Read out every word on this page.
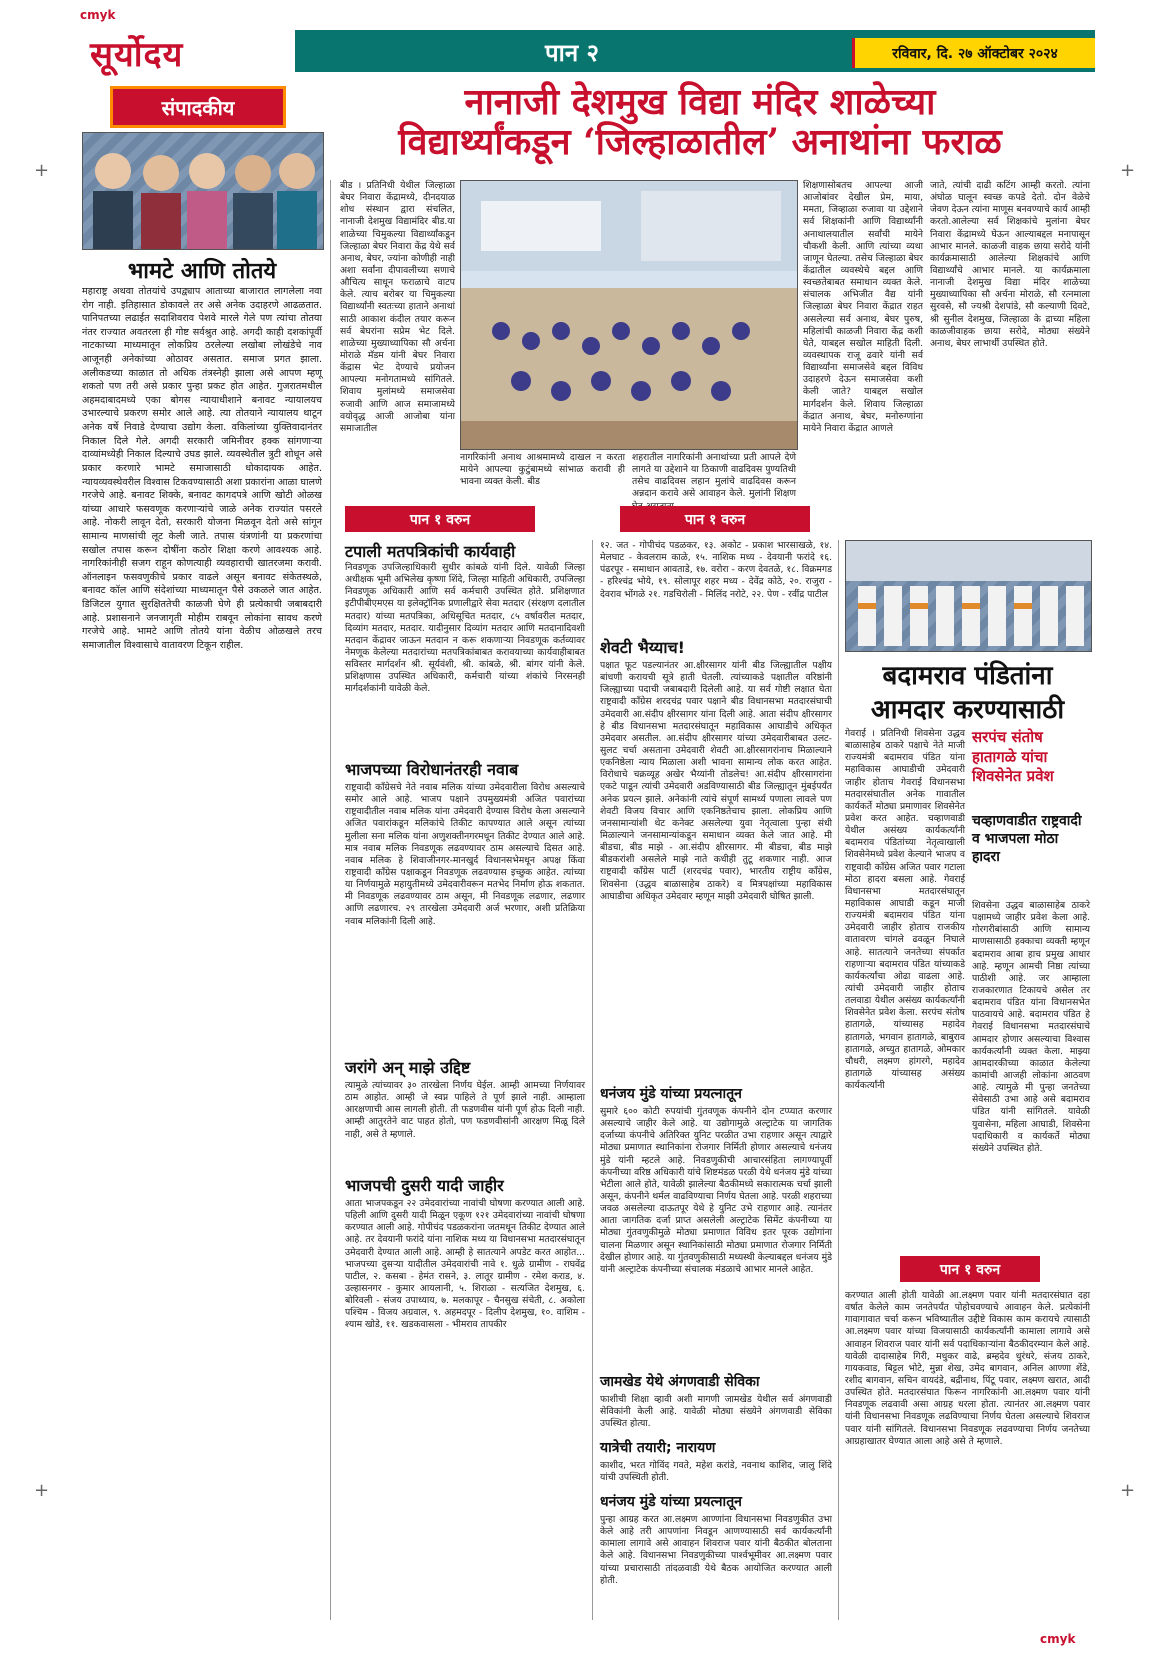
cmyk
cmyk
+
+
+
+
सूर्योदय	पान २	रविवार, दि. २७ ऑक्टोबर २०२४
संपादकीय	नानाजी देशमुख विद्या मंदिर शाळेच्या
विद्यार्थ्यांकडून ‘जिल्हाळातील’ अनाथांना फराळ
भामटे आणि तोतये
महाराष्ट्र अथवा तोतयांचे उपद्व्याप आताच्या बाजारात लागलेला नवा रोग नाही. इतिहासात डोकावले तर असे अनेक उदाहरणे आढळतात. पानिपतच्या लढाईत सदाशिवराव पेशवे मारले गेले पण त्यांचा तोतया नंतर राज्यात अवतरला ही गोष्ट सर्वश्रुत आहे. अगदी काही दशकांपूर्वी नाटकाच्या माध्यमातून लोकप्रिय ठरलेल्या लखोबा लोखंडेचे नाव आजूनही अनेकांच्या ओठावर असतात. समाज प्रगत झाला. अलीकडच्या काळात तो अधिक तंत्रस्नेही झाला असे आपण म्हणू शकतो पण तरी असे प्रकार पुन्हा प्रकट होत आहेत. गुजरातमधील अहमदाबादमध्ये एका बोगस न्यायाधीशाने बनावट न्यायालयच उभारल्याचे प्रकरण समोर आले आहे. त्या तोतयाने न्यायालय थाटून अनेक वर्षे निवाडे देण्याचा उद्योग केला. वकिलांच्या युक्तिवादानंतर निकाल दिले गेले. अगदी सरकारी जमिनीवर हक्क सांगणाऱ्या दाव्यांमध्येही निकाल दिल्याचे उघड झाले. व्यवस्थेतील त्रुटी शोधून असे प्रकार करणारे भामटे समाजासाठी धोकादायक आहेत. न्यायव्यवस्थेवरील विश्वास टिकवण्यासाठी अशा प्रकारांना आळा घालणे गरजेचे आहे. बनावट शिक्के, बनावट कागदपत्रे आणि खोटी ओळख यांच्या आधारे फसवणूक करणाऱ्यांचे जाळे अनेक राज्यांत पसरले आहे. नोकरी लावून देतो, सरकारी योजना मिळवून देतो असे सांगून सामान्य माणसांची लूट केली जाते. तपास यंत्रणांनी या प्रकरणांचा सखोल तपास करून दोषींना कठोर शिक्षा करणे आवश्यक आहे. नागरिकांनीही सजग राहून कोणत्याही व्यवहाराची खातरजमा करावी. ऑनलाइन फसवणुकीचे प्रकार वाढले असून बनावट संकेतस्थळे, बनावट कॉल आणि संदेशांच्या माध्यमातून पैसे उकळले जात आहेत. डिजिटल युगात सुरक्षिततेची काळजी घेणे ही प्रत्येकाची जबाबदारी आहे. प्रशासनाने जनजागृती मोहीम राबवून लोकांना सावध करणे गरजेचे आहे. भामटे आणि तोतये यांना वेळीच ओळखले तरच समाजातील विश्वासाचे वातावरण टिकून राहील.
बीड । प्रतिनिधी येथील जिल्हाळा बेघर निवारा केंद्रामध्ये, दीनदयाळ शोध संस्थान द्वारा संचलित, नानाजी देशमुख विद्यामंदिर बीड.या शाळेच्या चिमुकल्या विद्यार्थ्यांकडून जिल्हाळा बेघर निवारा केंद्र येथे सर्व अनाथ, बेघर, ज्यांना कोणीही नाही अशा सर्वांना दीपावलीच्या सणाचे औचित्य साधून फराळाचे वाटप केले. त्याच बरोबर या चिमुकल्या विद्यार्थ्यांनी स्वतःच्या हाताने अनाथां साठी आकाश कंदील तयार करून सर्व बेघरांना सप्रेम भेट दिले. शाळेच्या मुख्याध्यापिका सौ अर्चना मोराळे मॅडम यांनी बेघर निवारा केंद्रास भेट देण्याचे प्रयोजन आपल्या मनोगतामध्ये सांगितले. शिवाय मुलांमध्ये समाजसेवा रुजावी आणि आज समाजामध्ये वयोवृद्ध आजी आजोबा यांना समाजातील
नागरिकांनी अनाथ आश्रमामध्ये दाखल न करता मायेने आपल्या कुटुंबामध्ये सांभाळ करावी ही भावना व्यक्त केली. बीड
शहरातील नागरिकांनी अनाथांच्या प्रती आपले देणे लागते या उद्देशाने या ठिकाणी वाढदिवस पुण्यतिथी तसेच वाढदिवस लहान मुलांचे वाढदिवस करून अन्नदान करावे असे आवाहन केले. मुलांनी शिक्षण
शिक्षणासोबतच आपल्या आजी आजोबांवर देखील प्रेम, माया, ममता, जिव्हाळा रुजावा या उद्देशाने सर्व शिक्षकांनी आणि विद्यार्थ्यांनी अनाथालयातील सर्वांची मायेने चौकशी केली. आणि त्यांच्या व्यथा जाणून घेतल्या. तसेच जिल्हाळा बेघर केंद्रातील व्यवस्थेचे बद्दल आणि स्वच्छतेबाबत समाधान व्यक्त केले. संचालक अभिजीत वैद्य यांनी जिल्हाळा बेघर निवारा केंद्रात राहत असलेल्या सर्व अनाथ, बेघर पुरुष, महिलांची काळजी निवारा केंद्र कशी घेते, याबद्दल सखोल माहिती दिली. व्यवस्थापक राजू ढवारे यांनी सर्व विद्यार्थ्यांना समाजसेवे बद्दल विविध उदाहरणे देऊन समाजसेवा कशी केली जाते? याबद्दल सखोल मार्गदर्शन केले. शिवाय जिल्हाळा केंद्रात अनाथ, बेघर, मनोरुग्णांना मायेने निवारा केंद्रात आणले
जाते, त्यांची दाढी कटिंग आम्ही करतो. त्यांना अंघोळ घालून स्वच्छ कपडे देतो. दोन वेळेचे जेवण देऊन त्यांना माणूस बनवण्याचे कार्य आम्ही करतो.आलेल्या सर्व शिक्षकांचे मुलांना बेघर निवारा केंद्रामध्ये घेऊन आल्याबद्दल मनापासून आभार मानले. काळजी वाहक छाया सरोदे यांनी कार्यक्रमासाठी आलेल्या शिक्षकांचे आणि विद्यार्थ्यांचे आभार मानले. या कार्यक्रमाला नानाजी देशमुख विद्या मंदिर शाळेच्या मुख्याध्यापिका सौ अर्चना मोराळे, सौ रत्नमाला सुरवसे, सौ ज्यश्री देशपांडे, सौ कल्याणी दिवटे, श्री सुनील देशमुख, जिल्हाळा के द्राच्या महिला काळजीवाहक छाया सरोदे, मोठ्या संख्येने अनाथ, बेघर लाभार्थी उपस्थित होते.
पान १ वरुन
टपाली मतपत्रिकांची कार्यवाही
निवडणूक उपजिल्हाधिकारी सुधीर कांबळे यांनी दिले. यावेळी जिल्हा अधीक्षक भूमी अभिलेख कृष्णा शिंदे, जिल्हा माहिती अधिकारी, उपजिल्हा निवडणूक अधिकारी आणि सर्व कर्मचारी उपस्थित होते. प्रशिक्षणात इटीपीबीएमएस या इलेक्ट्रॉनिक प्रणालीद्वारे सेवा मतदार (संरक्षण दलातील मतदार) यांच्या मतपत्रिका, अधिसूचित मतदार, ८५ वर्षावरील मतदार, दिव्यांग मतदार, मतदार. यादीनुसार दिव्यांग मतदार आणि मतदानादिवशी मतदान केंद्रावर जाऊन मतदान न करू शकणाऱ्या निवडणूक कर्तव्यावर नेमणूक केलेल्या मतदारांच्या मतपत्रिकांबाबत करावयाच्या कार्यवाहीबाबत सविस्तर मार्गदर्शन श्री. सूर्यवंशी, श्री. कांबळे, श्री. बांगर यांनी केले. प्रशिक्षणास उपस्थित अधिकारी, कर्मचारी यांच्या शंकांचे निरसनही मार्गदर्शकांनी यावेळी केले.
भाजपच्या विरोधानंतरही नवाब
राष्ट्रवादी काँग्रेसचे नेते नवाब मलिक यांच्या उमेदवारीला विरोध असल्याचे समोर आले आहे. भाजप पक्षाने उपमुख्यमंत्री अजित पवारांच्या राष्ट्रवादीतील नवाब मलिक यांना उमेदवारी देण्यास विरोध केला असल्याने अजित पवारांकडून मलिकांचे तिकीट कापण्यात आले असून त्यांच्या मुलीला सना मलिक यांना अणुशक्तीनगरमधून तिकीट देण्यात आले आहे. मात्र नवाब मलिक निवडणूक लढवण्यावर ठाम असल्याचे दिसत आहे. नवाब मलिक हे शिवाजीनगर-मानखुर्द विधानसभेमधून अपक्ष किंवा राष्ट्रवादी काँग्रेस पक्षाकडून निवडणूक लढवण्यास इच्छुक आहेत. त्यांच्या या निर्णयामुळे महायुतीमध्ये उमेदवारीवरून मतभेद निर्माण होऊ शकतात. मी निवडणूक लढवण्यावर ठाम असून, मी निवडणूक लढणार, लढणार आणि लढणारच. २९ तारखेला उमेदवारी अर्ज भरणार, अशी प्रतिक्रिया नवाब मलिकांनी दिली आहे.
जरांगे अन् माझे उद्दिष्ट
त्यामुळे त्यांच्यावर ३० तारखेला निर्णय घेईल. आम्ही आमच्या निर्णयावर ठाम आहोत. आम्ही जे स्वप्न पाहिले ते पूर्ण झाले नाही. आम्हाला आरक्षणाची आस लागली होती. ती फडणवीस यांनी पूर्ण होऊ दिली नाही. आम्ही आतुरतेने वाट पाहत होतो, पण फडणवीसांनी आरक्षण मिळू दिले नाही, असे ते म्हणाले.
भाजपची दुसरी यादी जाहीर
आता भाजपकडून २२ उमेदवारांच्या नावांची घोषणा करण्यात आली आहे. पहिली आणि दुसरी यादी मिळून एकूण १२१ उमेदवारांच्या नावांची घोषणा करण्यात आली आहे. गोपीचंद पडळकरांना जतमधून तिकीट देण्यात आले आहे. तर देवयानी फरांदे यांना नाशिक मध्य या विधानसभा मतदारसंघातून उमेदवारी देण्यात आली आहे. आम्ही हे सातत्याने अपडेट करत आहोत... भाजपच्या दुसऱ्या यादीतील उमेदवारांची नावे १. धुळे ग्रामीण - राघवेंद्र पाटील, २. कसबा - हेमंत रासने, ३. लातूर ग्रामीण - रमेश कराड, ४. उल्हासनगर - कुमार आयलानी, ५. शिराळा - सत्यजित देशमुख, ६. बोरिवली - संजय उपाध्याय, ७. मलकापूर - चैनसुख संचेती, ८. अकोला पश्चिम - विजय अग्रवाल, ९. अहमदपूर - दिलीप देशमुख, १०. वाशिम - श्याम खोडे, ११. खडकवासला - भीमराव तापकीर
पान १ वरुन
१२. जत - गोपीचंद पडळकर, १३. अकोट - प्रकाश भारसाखळे, १४. मेलघाट - केवलराम काळे, १५. नाशिक मध्य - देवयानी फरांदे १६. पंढरपूर - समाधान आवताडे, १७. वरोरा - करण देवतळे, १८. विक्रमगड - हरिश्चंद्र भोये, १९. सोलापूर शहर मध्य - देवेंद्र कोठे, २०. राजुरा - देवराव भोंगळे २१. गडचिरोली - मिलिंद नरोटे, २२. पेण - रवींद्र पाटील
शेवटी भैय्याच!
पक्षात फूट पडल्यानंतर आ.क्षीरसागर यांनी बीड जिल्ह्यातील पक्षीय बांधणी करायची सूत्रे हाती घेतली. त्यांच्याकडे पक्षातील वरिष्ठांनी जिल्ह्याच्या पदाची जबाबदारी दिलेली आहे. या सर्व गोष्टी लक्षात घेता राष्ट्रवादी काँग्रेस शरदचंद्र पवार पक्षाने बीड विधानसभा मतदारसंघाची उमेदवारी आ.संदीप क्षीरसागर यांना दिली आहे. आता संदीप क्षीरसागर हे बीड विधानसभा मतदारसंघातून महाविकास आघाडीचे अधिकृत उमेदवार असतील. आ.संदीप क्षीरसागर यांच्या उमेदवारीबाबत उलट-सुलट चर्चा असताना उमेदवारी शेवटी आ.क्षीरसागरांनाच मिळाल्याने एकनिष्ठेला न्याय मिळाला अशी भावना सामान्य लोक करत आहेत. विरोधाचे चक्रव्यूह अखेर भैय्यांनी तोडलेच! आ.संदीप क्षीरसागरांना एकटे पाडून त्यांची उमेदवारी अडविण्यासाठी बीड जिल्ह्यातून मुंबईपर्यंत अनेक प्रयत्न झाले. अनेकांनी त्यांचे संपूर्ण सामर्थ्य पणाला लावले पण शेवटी विजय विचार आणि एकनिष्ठतेचाच झाला. लोकप्रिय आणि जनसामान्यांशी थेट कनेक्ट असलेल्या युवा नेतृत्वाला पुन्हा संधी मिळाल्याने जनसामान्यांकडून समाधान व्यक्त केले जात आहे. मी बीडचा, बीड माझे - आ.संदीप क्षीरसागर. मी बीडचा, बीड माझे बीडकरांशी असलेले माझे नाते कधीही तुटू शकणार नाही. आज राष्ट्रवादी काँग्रेस पार्टी (शरदचंद्र पवार), भारतीय राष्ट्रीय काँग्रेस, शिवसेना (उद्धव बाळासाहेब ठाकरे) व मित्रपक्षांच्या महाविकास आघाडीचा अधिकृत उमेदवार म्हणून माझी उमेदवारी घोषित झाली.
धनंजय मुंडे यांच्या प्रयत्नातून
सुमारे ६०० कोटी रुपयांची गुंतवणूक कंपनीने दोन टप्प्यात करणार असल्याचे जाहीर केले आहे. या उद्योगामुळे अल्ट्राटेक या जागतिक दर्जाच्या कंपनीचे अतिरिक्त युनिट परळीत उभा राहणार असून त्याद्वारे मोठ्या प्रमाणात स्थानिकांना रोजगार निर्मिती होणार असल्याचे धनंजय मुंडे यांनी म्हटले आहे. निवडणुकीची आचारसंहिता लागण्यापूर्वी कंपनीच्या वरिष्ठ अधिकारी यांचे शिष्टमंडळ परळी येथे धनंजय मुंडे यांच्या भेटीला आले होते, यावेळी झालेल्या बैठकीमध्ये सकारात्मक चर्चा झाली असून, कंपनीने थर्मल वाढविण्याचा निर्णय घेतला आहे. परळी शहराच्या जवळ असलेल्या दाऊतपूर येथे हे युनिट उभे राहणार आहे. त्यानंतर आता जागतिक दर्जा प्राप्त असलेली अल्ट्राटेक सिमेंट कंपनीच्या या मोठ्या गुंतवणुकीमुळे मोठ्या प्रमाणात विविध इतर पूरक उद्योगांना चालना मिळणार असून स्थानिकांसाठी मोठ्या प्रमाणात रोजगार निर्मिती देखील होणार आहे. या गुंतवणुकीसाठी मध्यस्थी केल्याबद्दल धनंजय मुंडे यांनी अल्ट्राटेक कंपनीच्या संचालक मंडळाचे आभार मानले आहेत.
जामखेड येथे अंगणवाडी सेविका
फाशीची शिक्षा व्हावी अशी मागणी जामखेड येथील सर्व अंगणवाडी सेविकांनी केली आहे. यावेळी मोठ्या संख्येने अंगणवाडी सेविका उपस्थित होत्या.
यात्रेची तयारी; नारायण
काशीद, भरत गोविंद गवते, महेश करांडे, नवनाथ काशिद, जालु शिंदे यांची उपस्थिती होती.
धनंजय मुंडे यांच्या प्रयत्नातून
पुन्हा आग्रह करत आ.लक्ष्मण आण्णांना विधानसभा निवडणुकीत उभा केले आहे तरी आपणांना निवडून आणण्यासाठी सर्व कार्यकर्त्यांनी कामाला लागावे असे आवाहन शिवराज पवार यांनी बैठकीत बोलताना केले आहे. विधानसभा निवडणुकीच्या पार्श्वभूमीवर आ.लक्ष्मण पवार यांच्या प्रचारासाठी तांदळवाडी येथे बैठक आयोजित करण्यात आली होती.
बदामराव पंडितांना
आमदार करण्यासाठी
गेवराई । प्रतिनिधी शिवसेना उद्धव बाळासाहेब ठाकरे पक्षाचे नेते माजी राज्यमंत्री बदामराव पंडित यांना महाविकास आघाडीची उमेदवारी जाहीर होताच गेवराई विधानसभा मतदारसंघातील अनेक गावातील कार्यकर्ते मोठ्या प्रमाणावर शिवसेनेत प्रवेश करत आहेत. चव्हाणवाडी येथील असंख्य कार्यकर्त्यांनी बदामराव पंडितांच्या नेतृत्वाखाली शिवसेनेमध्ये प्रवेश केल्याने भाजप व राष्ट्रवादी काँग्रेस अजित पवार गटाला मोठा हादरा बसला आहे. गेवराई विधानसभा मतदारसंघातून महाविकास आघाडी कडून माजी राज्यमंत्री बदामराव पंडित यांना उमेदवारी जाहीर होताच राजकीय वातावरण चांगले ढवळून निघाले आहे. सातत्याने जनतेच्या संपर्कात राहणाऱ्या बदामराव पंडित यांच्याकडे कार्यकर्त्यांचा ओढा वाढला आहे. त्यांची उमेदवारी जाहीर होताच तलवाडा येथील असंख्य कार्यकर्त्यांनी शिवसेनेत प्रवेश केला. सरपंच संतोष हातागळे, यांच्यासह महादेव हातागळे, भगवान हातागळे, बाबुराव हातागळे, अच्युत हातागळे, ओमकार चौधरी, लक्ष्मण हांगरगे, महादेव हातागळे यांच्यासह असंख्य कार्यकर्त्यांनी
सरपंच संतोष हातागळे यांचा शिवसेनेत प्रवेश
चव्हाणवाडीत राष्ट्रवादी व भाजपला मोठा हादरा
शिवसेना उद्धव बाळासाहेब ठाकरे पक्षामध्ये जाहीर प्रवेश केला आहे. गोरगरीबांसाठी आणि सामान्य माणसासाठी हक्काचा व्यक्ती म्हणून बदामराव आबा हाच प्रमुख आधार आहे. म्हणून आमची निष्ठा त्यांच्या पाठीशी आहे. जर आम्हाला राजकारणात टिकायचे असेल तर बदामराव पंडित यांना विधानसभेत पाठवायचे आहे. बदामराव पंडित हे गेवराई विधानसभा मतदारसंघाचे आमदार होणार असल्याचा विश्वास कार्यकर्त्यांनी व्यक्त केला. माझ्या आमदारकीच्या काळात केलेल्या कामांची आजही लोकांना आठवण आहे. त्यामुळे मी पुन्हा जनतेच्या सेवेसाठी उभा आहे असे बदामराव पंडित यांनी सांगितले. यावेळी युवासेना, महिला आघाडी, शिवसेना पदाधिकारी व कार्यकर्ते मोठ्या संख्येने उपस्थित होते.
पान १ वरुन
करण्यात आली होती यावेळी आ.लक्ष्मण पवार यांनी मतदारसंघात दहा वर्षात केलेले काम जनतेपर्यंत पोहोचवण्याचे आवाहन केले. प्रत्येकांनी गावागावात चर्चा करून भविष्यातील उद्दीष्टे विकास काम करायचे त्यासाठी आ.लक्ष्मण पवार यांच्या विजयासाठी कार्यकर्त्यांनी कामाला लागावे असे आवाहन शिवराज पवार यांनी सर्व पदाधिकाऱ्यांना बैठकीदरम्यान केले आहे. यावेळी दादासाहेब गिरी, मधुकर वाढे, ब्रम्हदेव धुरंधरे, संजय ठाकरे, गायकवाड, बिट्टल भोटे, मुन्ना शेख, उमेद बागवान, अनिल आण्णा शेंडे, रशीद बागवान, सचिन वायदंडे, बद्रीनाथ, पिंटू पवार, लक्ष्मण खरात, आदी उपस्थित होते. मतदारसंघात फिरून नागरिकांनी आ.लक्ष्मण पवार यांनी निवडणूक लढवावी असा आग्रह धरला होता. त्यानंतर आ.लक्ष्मण पवार यांनी विधानसभा निवडणूक लढविण्याचा निर्णय घेतला असल्याचे शिवराज पवार यांनी सांगितले. विधानसभा निवडणूक लढवण्याचा निर्णय जनतेच्या आग्रहाखातर घेण्यात आला आहे असे ते म्हणाले.
